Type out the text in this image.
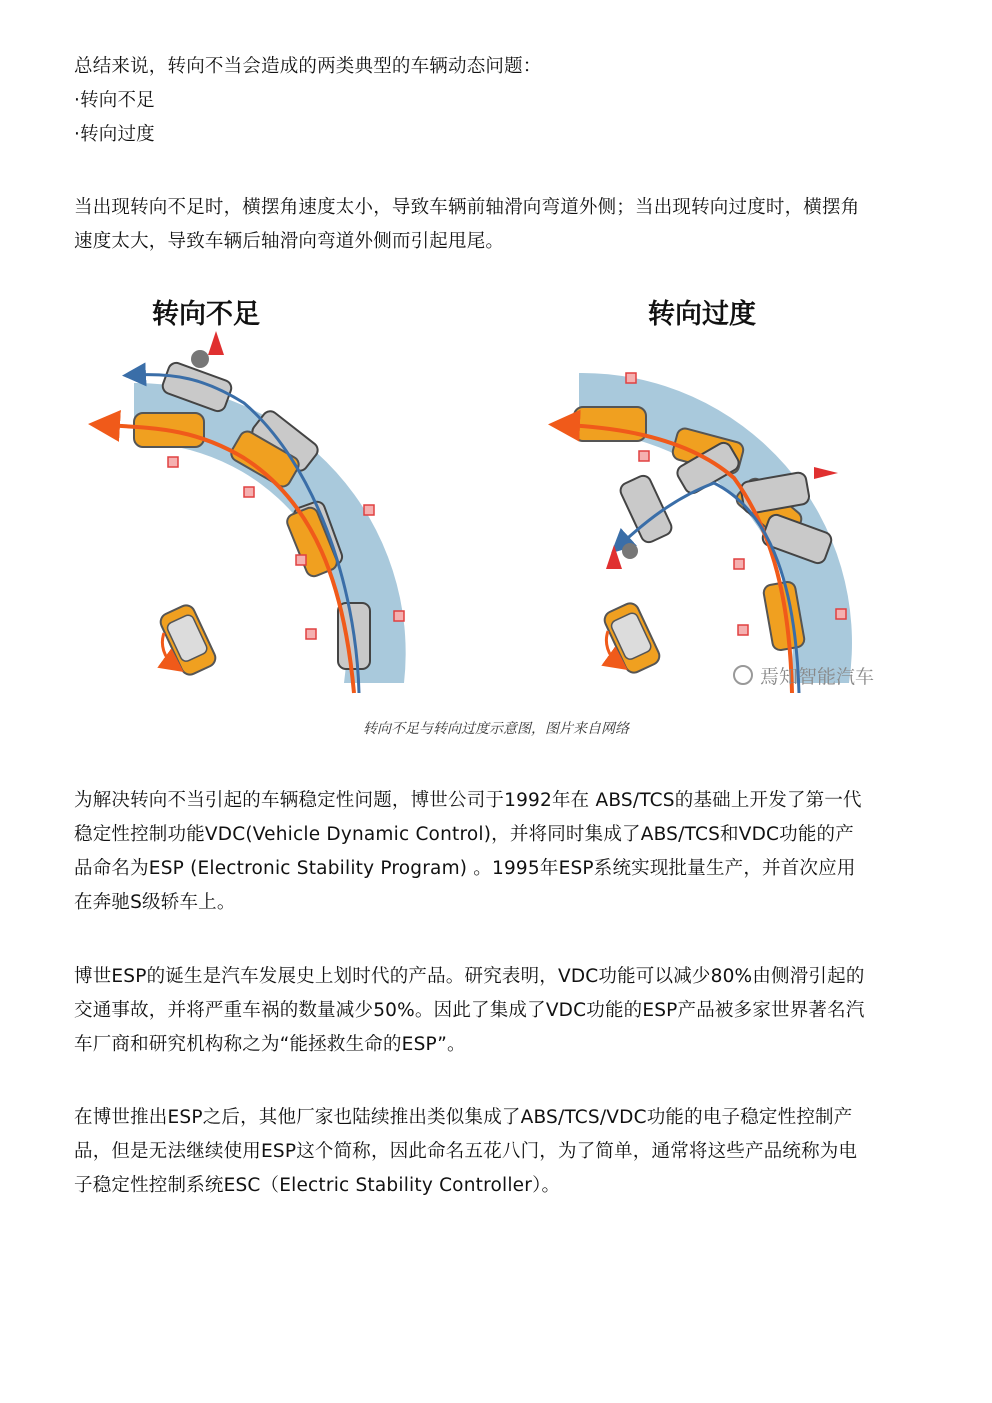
总结来说，转向不当会造成的两类典型的车辆动态问题：
·转向不足
·转向过度
当出现转向不足时，横摆角速度太小，导致车辆前轴滑向弯道外侧；当出现转向过度时，横摆角
速度太大，导致车辆后轴滑向弯道外侧而引起甩尾。
转向不足	转向过度
焉知智能汽车
转向不足与转向过度示意图，图片来自网络
为解决转向不当引起的车辆稳定性问题，博世公司于1992年在 ABS/TCS的基础上开发了第一代
稳定性控制功能VDC(Vehicle Dynamic Control)，并将同时集成了ABS/TCS和VDC功能的产
品命名为ESP (Electronic Stability Program) 。1995年ESP系统实现批量生产，并首次应用
在奔驰S级轿车上。
博世ESP的诞生是汽车发展史上划时代的产品。研究表明，VDC功能可以减少80%由侧滑引起的
交通事故，并将严重车祸的数量减少50%。因此了集成了VDC功能的ESP产品被多家世界著名汽
车厂商和研究机构称之为“能拯救生命的ESP”。
在博世推出ESP之后，其他厂家也陆续推出类似集成了ABS/TCS/VDC功能的电子稳定性控制产
品，但是无法继续使用ESP这个简称，因此命名五花八门，为了简单，通常将这些产品统称为电
子稳定性控制系统ESC（Electric Stability Controller）。
